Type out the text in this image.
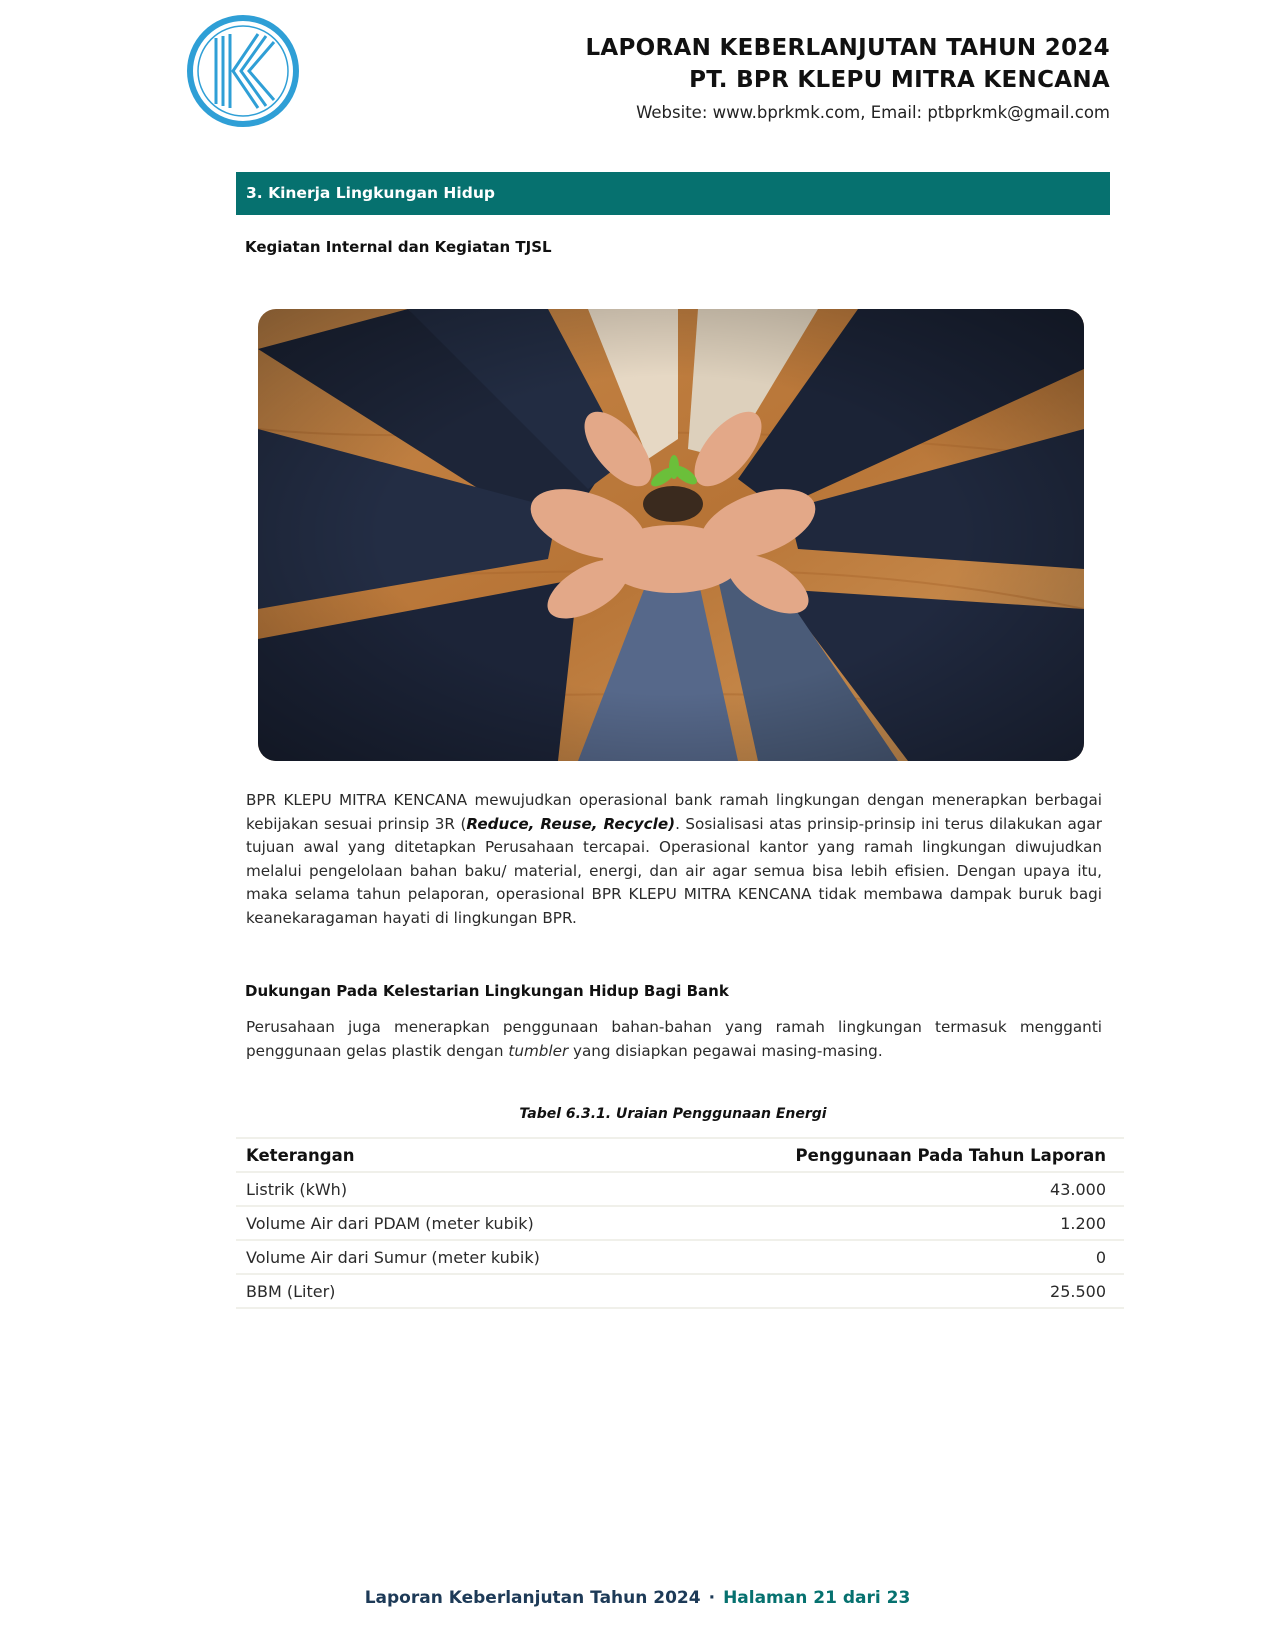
LAPORAN KEBERLANJUTAN TAHUN 2024
PT. BPR KLEPU MITRA KENCANA
Website: www.bprkmk.com, Email: ptbprkmk@gmail.com
3. Kinerja Lingkungan Hidup
Kegiatan Internal dan Kegiatan TJSL

BPR KLEPU MITRA KENCANA mewujudkan operasional bank ramah lingkungan dengan menerapkan berbagai kebijakan sesuai prinsip 3R (Reduce, Reuse, Recycle). Sosialisasi atas prinsip-prinsip ini terus dilakukan agar tujuan awal yang ditetapkan Perusahaan tercapai. Operasional kantor yang ramah lingkungan diwujudkan melalui pengelolaan bahan baku/ material, energi, dan air agar semua bisa lebih efisien. Dengan upaya itu, maka selama tahun pelaporan, operasional BPR KLEPU MITRA KENCANA tidak membawa dampak buruk bagi keanekaragaman hayati di lingkungan BPR.

Dukungan Pada Kelestarian Lingkungan Hidup Bagi Bank

Perusahaan juga menerapkan penggunaan bahan-bahan yang ramah lingkungan termasuk mengganti penggunaan gelas plastik dengan tumbler yang disiapkan pegawai masing-masing.

Tabel 6.3.1. Uraian Penggunaan Energi
Keterangan	Penggunaan Pada Tahun Laporan
Listrik (kWh)	43.000
Volume Air dari PDAM (meter kubik)	1.200
Volume Air dari Sumur (meter kubik)	0
BBM (Liter)	25.500
Laporan Keberlanjutan Tahun 2024 · Halaman 21 dari 23
